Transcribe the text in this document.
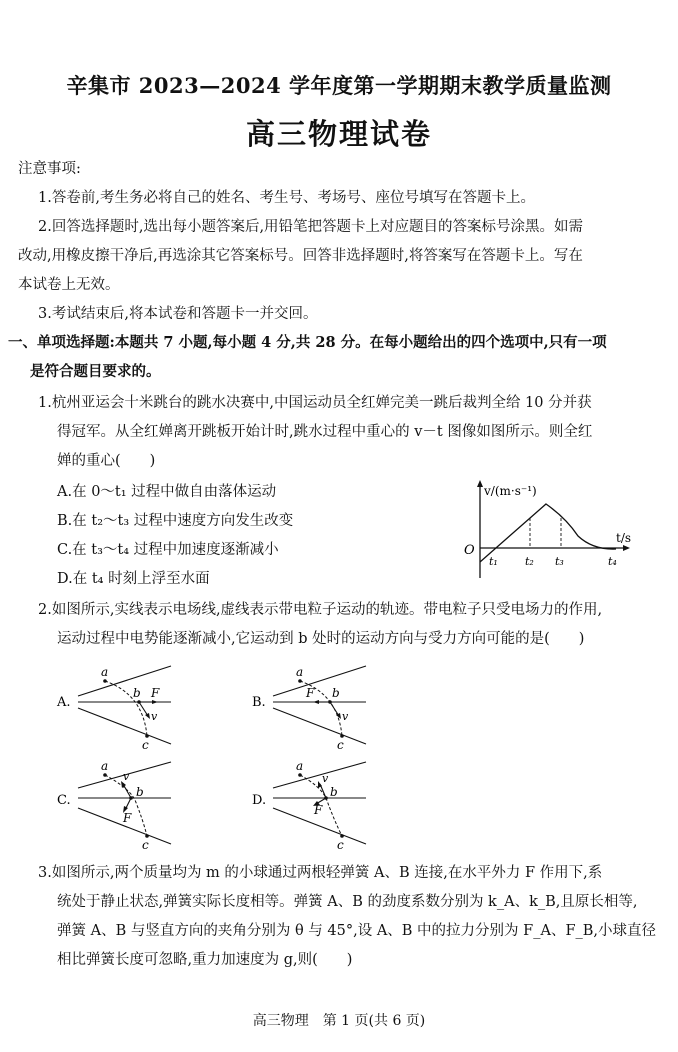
辛集市 2023—2024 学年度第一学期期末教学质量监测
高三物理试卷
注意事项:
1.答卷前,考生务必将自己的姓名、考生号、考场号、座位号填写在答题卡上。
2.回答选择题时,选出每小题答案后,用铅笔把答题卡上对应题目的答案标号涂黑。如需
改动,用橡皮擦干净后,再选涂其它答案标号。回答非选择题时,将答案写在答题卡上。写在
本试卷上无效。
3.考试结束后,将本试卷和答题卡一并交回。
一、单项选择题:本题共 7 小题,每小题 4 分,共 28 分。在每小题给出的四个选项中,只有一项
是符合题目要求的。
1.杭州亚运会十米跳台的跳水决赛中,中国运动员全红婵完美一跳后裁判全给 10 分并获
得冠军。从全红婵离开跳板开始计时,跳水过程中重心的 v－t 图像如图所示。则全红
婵的重心(　　)
A.在 0～t₁ 过程中做自由落体运动
B.在 t₂～t₃ 过程中速度方向发生改变
C.在 t₃～t₄ 过程中加速度逐渐减小
D.在 t₄ 时刻上浮至水面
v/(m·s⁻¹)
t/s
O
t₁ t₂ t₃	t₄
2.如图所示,实线表示电场线,虚线表示带电粒子运动的轨迹。带电粒子只受电场力的作用,
运动过程中电势能逐渐减小,它运动到 b 处时的运动方向与受力方向可能的是(　　)
A.
a
b F
v
c
B.
a
b
F
v
c
C.
a
b
F
v
c
D.
a
b
F
v
c
3.如图所示,两个质量均为 m 的小球通过两根轻弹簧 A、B 连接,在水平外力 F 作用下,系
统处于静止状态,弹簧实际长度相等。弹簧 A、B 的劲度系数分别为 k_A、k_B,且原长相等,
弹簧 A、B 与竖直方向的夹角分别为 θ 与 45°,设 A、B 中的拉力分别为 F_A、F_B,小球直径
相比弹簧长度可忽略,重力加速度为 g,则(　　)
高三物理　第 1 页(共 6 页)
